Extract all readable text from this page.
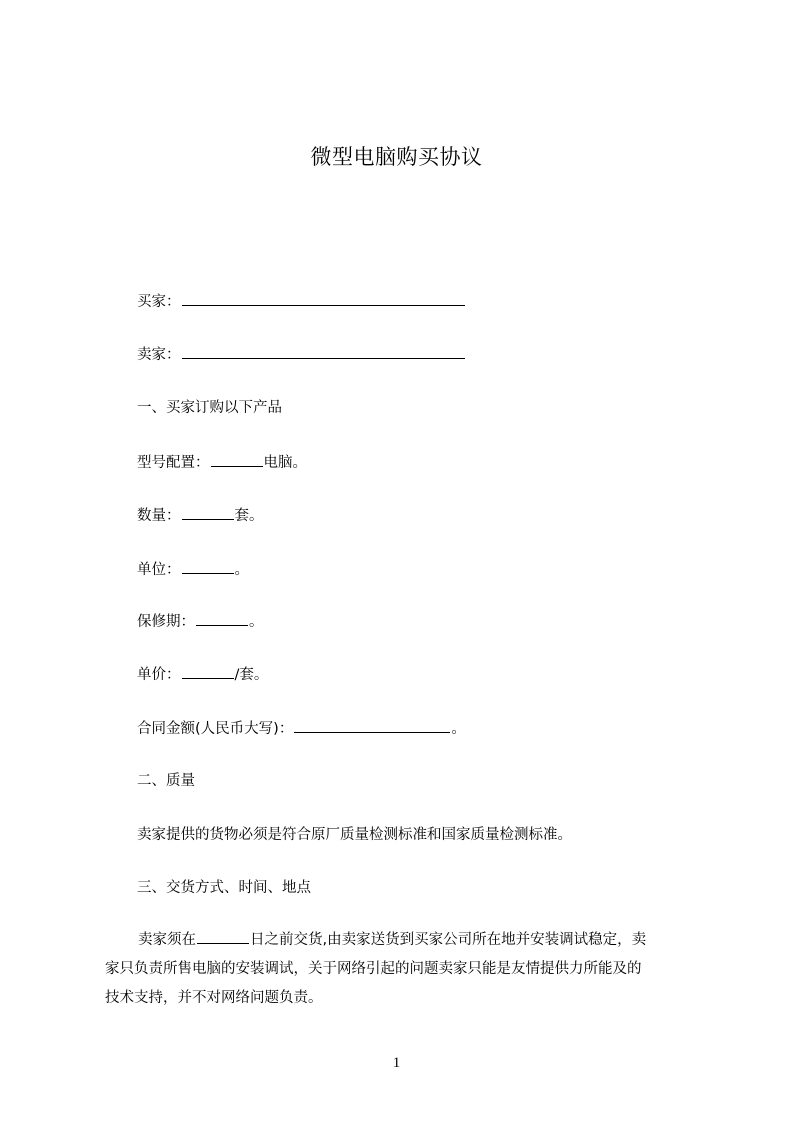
微型电脑购买协议
买家：
卖家：
一、买家订购以下产品
型号配置：	电脑。
数量：	套。
单位：	。
保修期：	。
单价：	/套。
合同金额(人民币大写)：	。
二、质量
卖家提供的货物必须是符合原厂质量检测标准和国家质量检测标准。
三、交货方式、时间、地点
卖家须在	日之前交货,由卖家送货到买家公司所在地并安装调试稳定，卖
家只负责所售电脑的安装调试，关于网络引起的问题卖家只能是友情提供力所能及的
技术支持，并不对网络问题负责。
1
